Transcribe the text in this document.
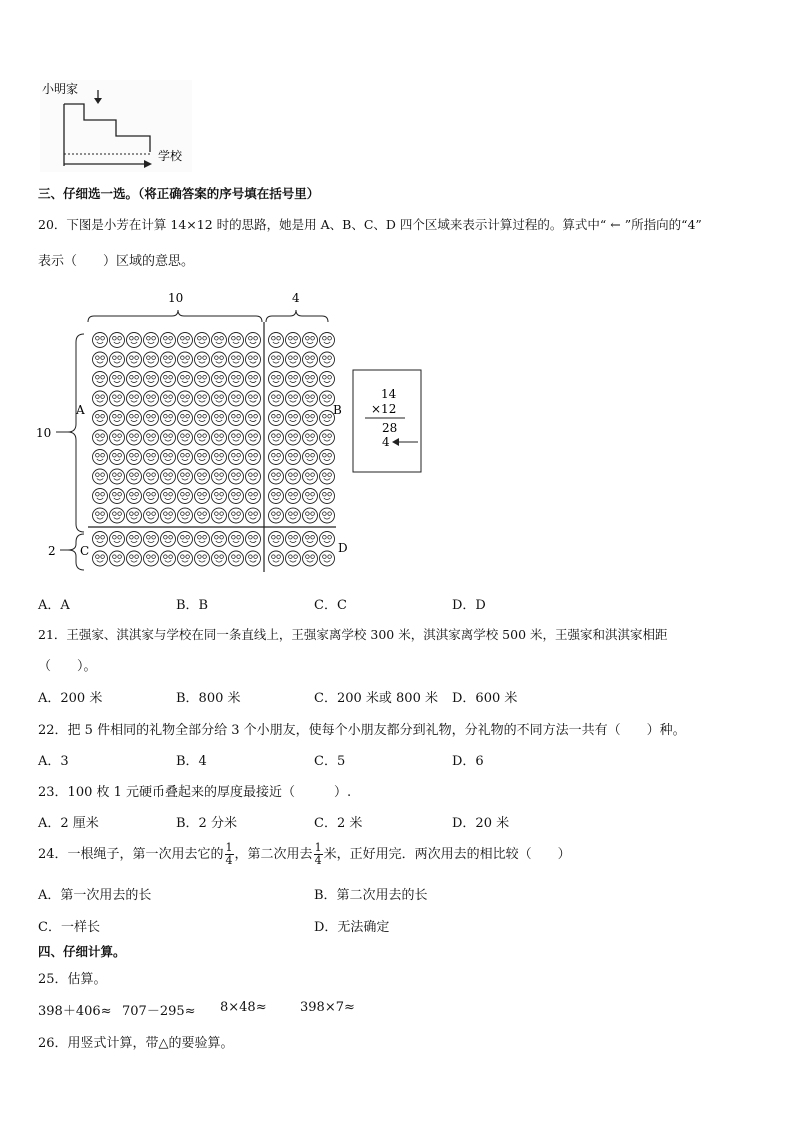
小明家
学校
三、仔细选一选。（将正确答案的序号填在括号里）
20．下图是小芳在计算 14×12 时的思路，她是用 A、B、C、D 四个区域来表示计算过程的。算式中“ ← ”所指向的“4”
表示（　　）区域的意思。
10	4
10
2
A	B
C	D
14
×12
28
4
A．A	B．B	C．C	D．D
21．王强家、淇淇家与学校在同一条直线上，王强家离学校 300 米，淇淇家离学校 500 米，王强家和淇淇家相距
（　　）。
A．200 米	B．800 米	C．200 米或 800 米 D．600 米
22．把 5 件相同的礼物全部分给 3 个小朋友，使每个小朋友都分到礼物，分礼物的不同方法一共有（　　）种。
A．3	B．4	C．5	D．6
23．100 枚 1 元硬币叠起来的厚度最接近（　　　）.
A．2 厘米	B．2 分米	C．2 米	D．20 米
24．一根绳子，第一次用去它的 $\frac{1}{4}$ ，第二次用去 $\frac{1}{4}$ 米，正好用完．两次用去的相比较（　　）
A．第一次用去的长	B．第二次用去的长
C．一样长	D．无法确定
四、仔细计算。
25．估算。
398＋406≈ 707－295≈ 8×48≈	398×7≈
26．用竖式计算，带△的要验算。
